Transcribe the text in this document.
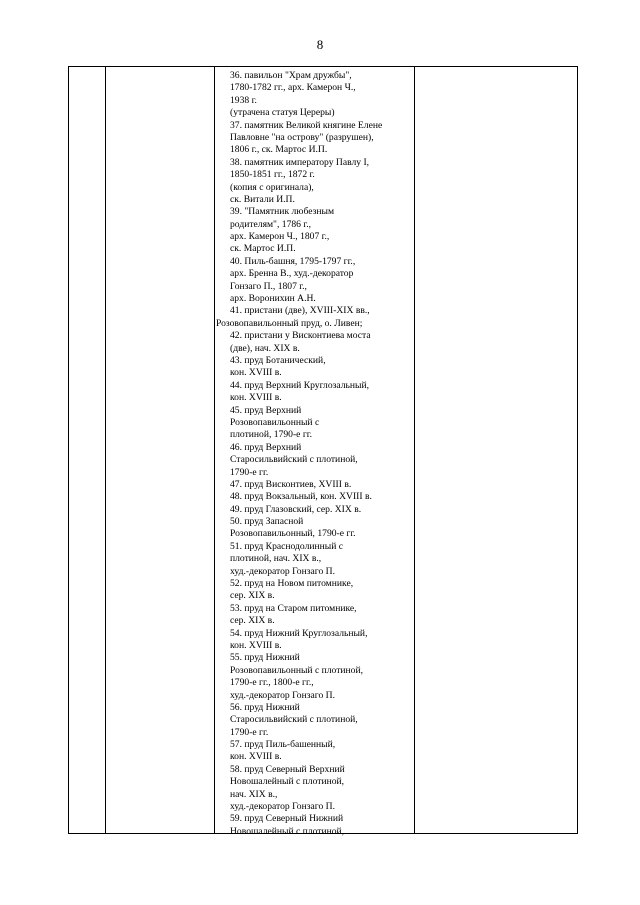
8
36. павильон "Храм дружбы",
1780-1782 гг., арх. Камерон Ч.,
1938 г.
(утрачена статуя Цереры)
37. памятник Великой княгине Елене
Павловне "на острову" (разрушен),
1806 г., ск. Мартос И.П.
38. памятник императору Павлу I,
1850-1851 гг., 1872 г.
(копия с оригинала),
ск. Витали И.П.
39. "Памятник любезным
родителям", 1786 г.,
арх. Камерон Ч., 1807 г.,
ск. Мартос И.П.
40. Пиль-башня, 1795-1797 гг.,
арх. Бренна В., худ.-декоратор
Гонзаго П., 1807 г.,
арх. Воронихин А.Н.
41. пристани (две), XVIII-XIX вв.,
Розовопавильонный пруд, о. Ливен;
42. пристани у Висконтиева моста
(две), нач. XIX в.
43. пруд Ботанический,
кон. XVIII в.
44. пруд Верхний Круглозальный,
кон. XVIII в.
45. пруд Верхний
Розовопавильонный с
плотиной, 1790-е гг.
46. пруд Верхний
Старосильвийский с плотиной,
1790-е гг.
47. пруд Висконтиев, XVIII в.
48. пруд Вокзальный, кон. XVIII в.
49. пруд Глазовский, сер. XIX в.
50. пруд Запасной
Розовопавильонный, 1790-е гг.
51. пруд Краснодолинный с
плотиной, нач. XIX в.,
худ.-декоратор Гонзаго П.
52. пруд на Новом питомнике,
сер. XIX в.
53. пруд на Старом питомнике,
сер. XIX в.
54. пруд Нижний Круглозальный,
кон. XVIII в.
55. пруд Нижний
Розовопавильонный с плотиной,
1790-е гг., 1800-е гг.,
худ.-декоратор Гонзаго П.
56. пруд Нижний
Старосильвийский с плотиной,
1790-е гг.
57. пруд Пиль-башенный,
кон. XVIII в.
58. пруд Северный Верхний
Новошалейный с плотиной,
нач. XIX в.,
худ.-декоратор Гонзаго П.
59. пруд Северный Нижний
Новошалейный с плотиной,
